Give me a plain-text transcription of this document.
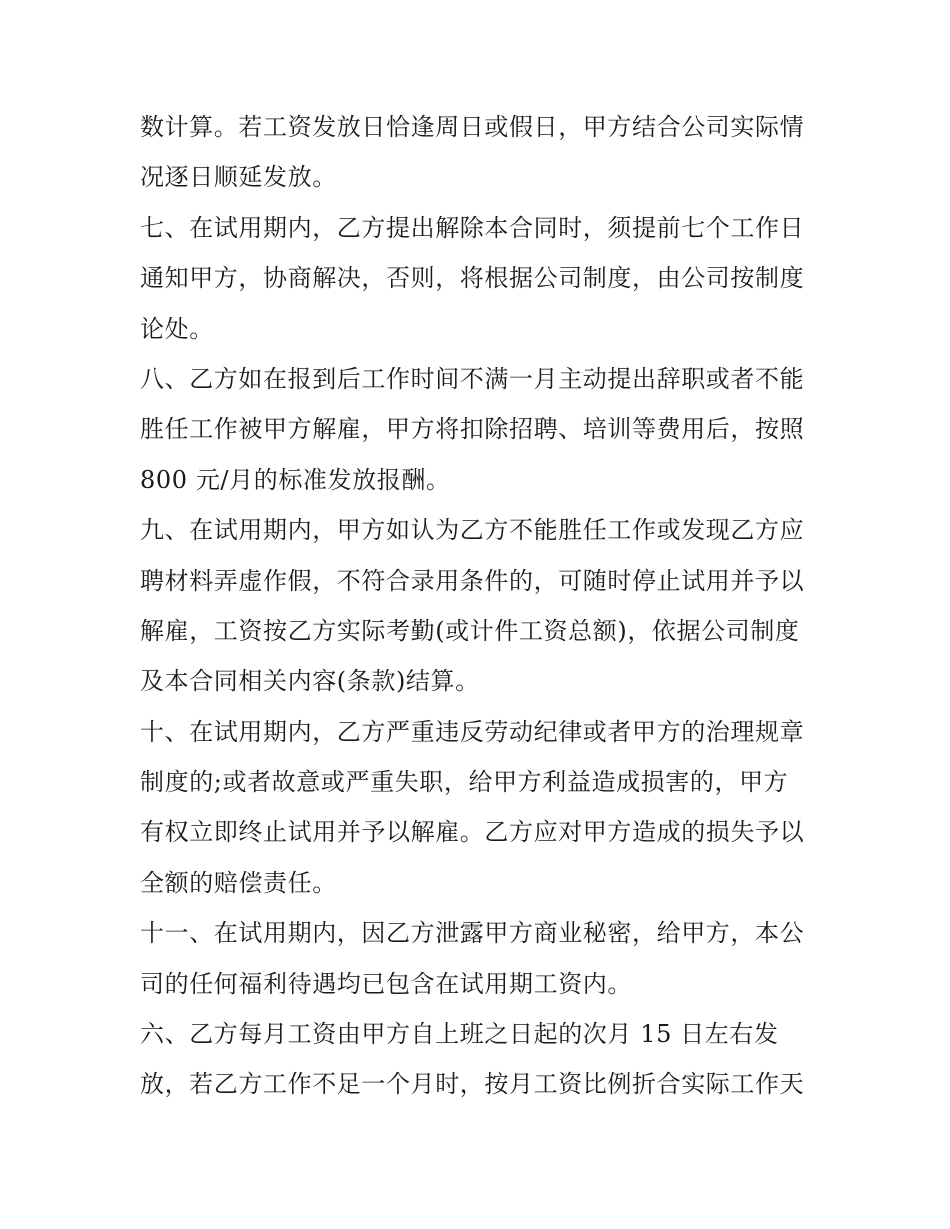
数计算。若工资发放日恰逢周日或假日，甲方结合公司实际情
况逐日顺延发放。
七、在试用期内，乙方提出解除本合同时，须提前七个工作日
通知甲方，协商解决，否则，将根据公司制度，由公司按制度
论处。
八、乙方如在报到后工作时间不满一月主动提出辞职或者不能
胜任工作被甲方解雇，甲方将扣除招聘、培训等费用后，按照
800 元/月的标准发放报酬。
九、在试用期内，甲方如认为乙方不能胜任工作或发现乙方应
聘材料弄虚作假，不符合录用条件的，可随时停止试用并予以
解雇，工资按乙方实际考勤(或计件工资总额)，依据公司制度
及本合同相关内容(条款)结算。
十、在试用期内，乙方严重违反劳动纪律或者甲方的治理规章
制度的;或者故意或严重失职，给甲方利益造成损害的，甲方
有权立即终止试用并予以解雇。乙方应对甲方造成的损失予以
全额的赔偿责任。
十一、在试用期内，因乙方泄露甲方商业秘密，给甲方，本公
司的任何福利待遇均已包含在试用期工资内。
六、乙方每月工资由甲方自上班之日起的次月 15 日左右发
放，若乙方工作不足一个月时，按月工资比例折合实际工作天
